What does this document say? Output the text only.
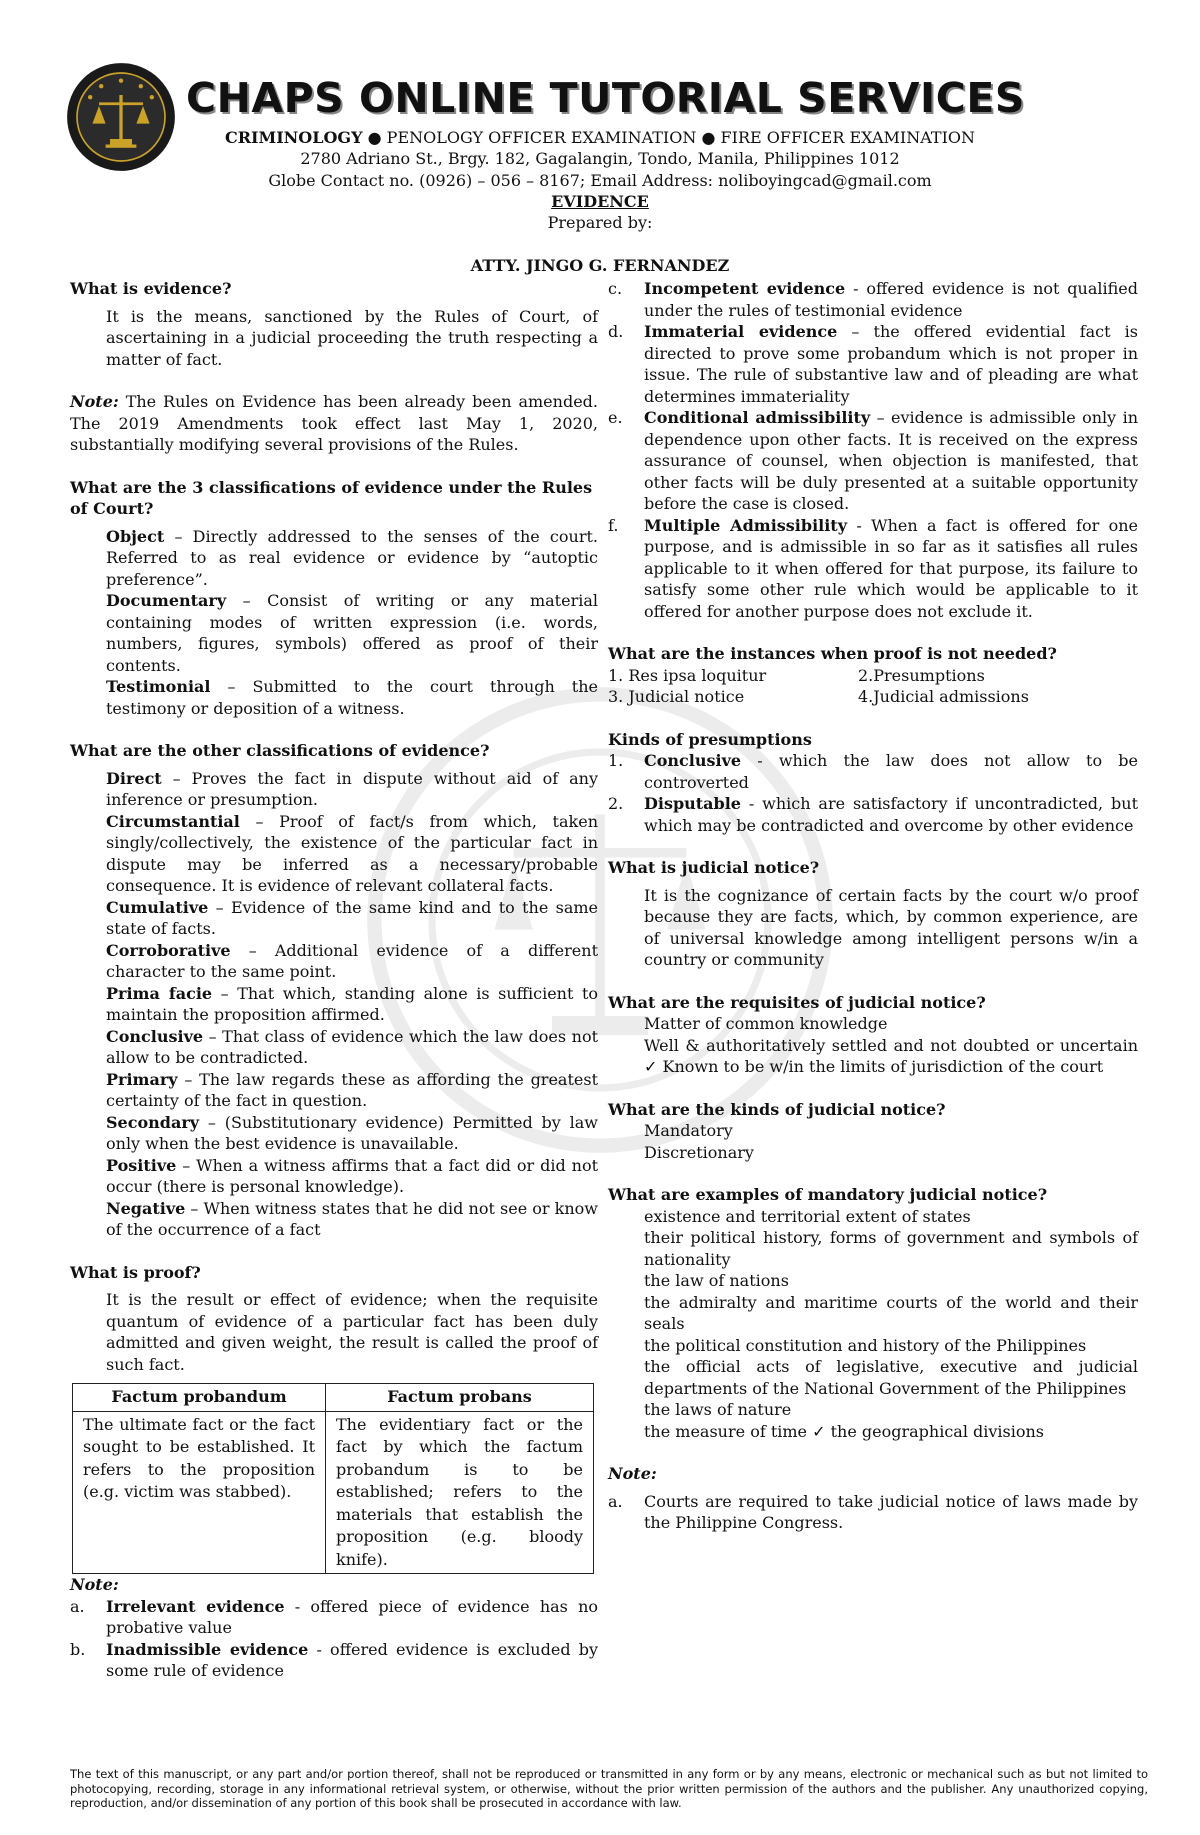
CHAPS ONLINE TUTORIAL SERVICES
CRIMINOLOGY ● PENOLOGY OFFICER EXAMINATION ● FIRE OFFICER EXAMINATION
2780 Adriano St., Brgy. 182, Gagalangin, Tondo, Manila, Philippines 1012
Globe Contact no. (0926) – 056 – 8167; Email Address: noliboyingcad@gmail.com
EVIDENCE
Prepared by:
ATTY. JINGO G. FERNANDEZ

What is evidence?

It is the means, sanctioned by the Rules of Court, of ascertaining in a judicial proceeding the truth respecting a matter of fact.

Note: The Rules on Evidence has been already been amended. The 2019 Amendments took effect last May 1, 2020, substantially modifying several provisions of the Rules.

What are the 3 classifications of evidence under the Rules of Court?

Object – Directly addressed to the senses of the court. Referred to as real evidence or evidence by “autoptic preference”.

Documentary – Consist of writing or any material containing modes of written expression (i.e. words, numbers, figures, symbols) offered as proof of their contents.

Testimonial – Submitted to the court through the testimony or deposition of a witness.

What are the other classifications of evidence?

Direct – Proves the fact in dispute without aid of any inference or presumption.

Circumstantial – Proof of fact/s from which, taken singly/collectively, the existence of the particular fact in dispute may be inferred as a necessary/probable consequence. It is evidence of relevant collateral facts.

Cumulative – Evidence of the same kind and to the same state of facts.

Corroborative – Additional evidence of a different character to the same point.

Prima facie – That which, standing alone is sufficient to maintain the proposition affirmed.

Conclusive – That class of evidence which the law does not allow to be contradicted.

Primary – The law regards these as affording the greatest certainty of the fact in question.

Secondary – (Substitutionary evidence) Permitted by law only when the best evidence is unavailable.

Positive – When a witness affirms that a fact did or did not occur (there is personal knowledge).

Negative – When witness states that he did not see or know of the occurrence of a fact

What is proof?

It is the result or effect of evidence; when the requisite quantum of evidence of a particular fact has been duly admitted and given weight, the result is called the proof of such fact.

Factum probandum	Factum probans
The ultimate fact or the fact sought to be established. It refers to the proposition (e.g. victim was stabbed).	The evidentiary fact or the fact by which the factum probandum is to be established; refers to the materials that establish the proposition (e.g. bloody knife).

Note:

a.	Irrelevant evidence - offered piece of evidence has no probative value

b.	Inadmissible evidence - offered evidence is excluded by some rule of evidence

c.	Incompetent evidence - offered evidence is not qualified under the rules of testimonial evidence

d.	Immaterial evidence – the offered evidential fact is directed to prove some probandum which is not proper in issue. The rule of substantive law and of pleading are what determines immateriality

e.	Conditional admissibility – evidence is admissible only in dependence upon other facts. It is received on the express assurance of counsel, when objection is manifested, that other facts will be duly presented at a suitable opportunity before the case is closed.

f.	Multiple Admissibility - When a fact is offered for one purpose, and is admissible in so far as it satisfies all rules applicable to it when offered for that purpose, its failure to satisfy some other rule which would be applicable to it offered for another purpose does not exclude it.

What are the instances when proof is not needed?

1. Res ipsa loquitur	2.Presumptions
3. Judicial notice	4.Judicial admissions

Kinds of presumptions

1.	Conclusive - which the law does not allow to be controverted

2.	Disputable - which are satisfactory if uncontradicted, but which may be contradicted and overcome by other evidence

What is judicial notice?

It is the cognizance of certain facts by the court w/o proof because they are facts, which, by common experience, are of universal knowledge among intelligent persons w/in a country or community

What are the requisites of judicial notice?

Matter of common knowledge

Well & authoritatively settled and not doubted or uncertain ✓ Known to be w/in the limits of jurisdiction of the court

What are the kinds of judicial notice?

Mandatory

Discretionary

What are examples of mandatory judicial notice?

existence and territorial extent of states

their political history, forms of government and symbols of nationality

the law of nations

the admiralty and maritime courts of the world and their seals

the political constitution and history of the Philippines

the official acts of legislative, executive and judicial departments of the National Government of the Philippines

the laws of nature

the measure of time ✓ the geographical divisions

Note:

a.	Courts are required to take judicial notice of laws made by the Philippine Congress.

The text of this manuscript, or any part and/or portion thereof, shall not be reproduced or transmitted in any form or by any means, electronic or mechanical such as but not limited to photocopying, recording, storage in any informational retrieval system, or otherwise, without the prior written permission of the authors and the publisher. Any unauthorized copying, reproduction, and/or dissemination of any portion of this book shall be prosecuted in accordance with law.
